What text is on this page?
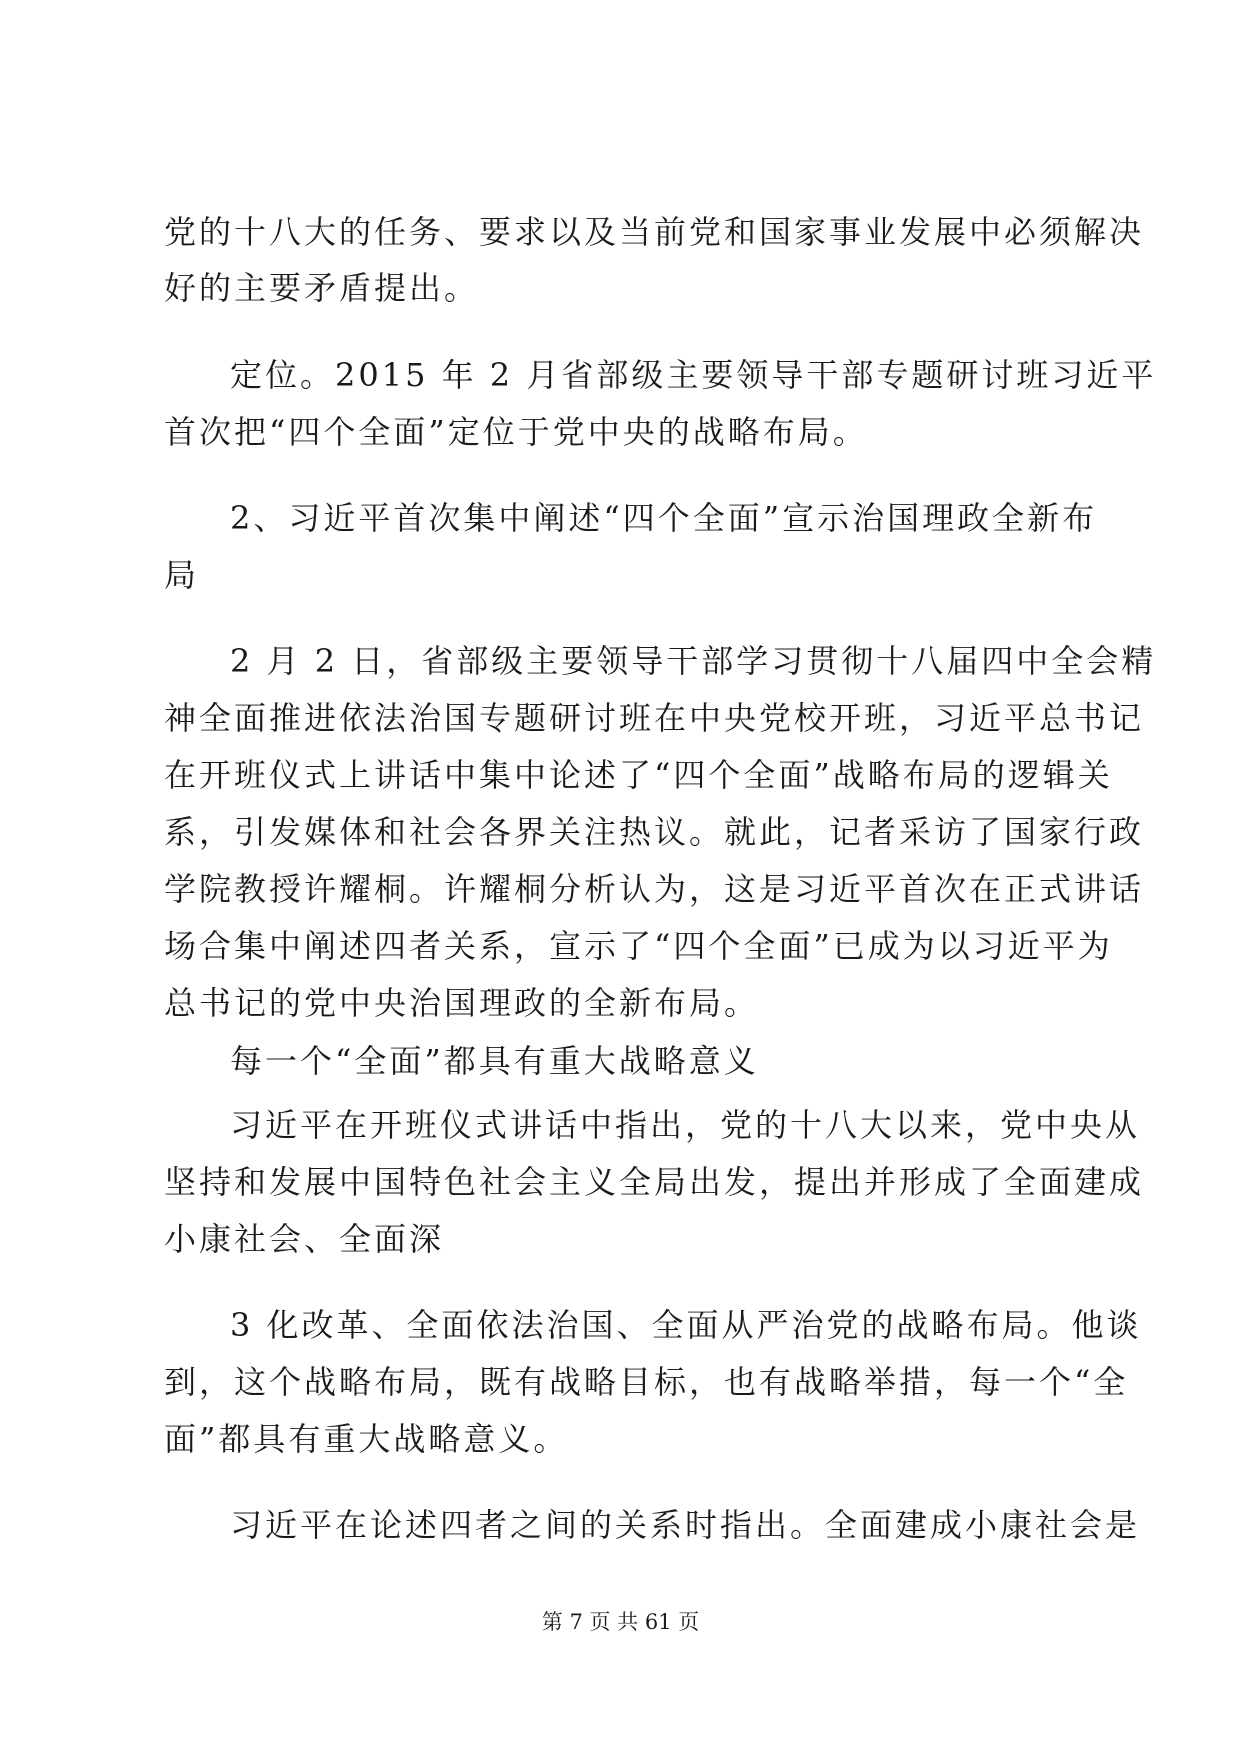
党的十八大的任务、要求以及当前党和国家事业发展中必须解决
好的主要矛盾提出。
定位。2015 年 2 月省部级主要领导干部专题研讨班习近平
首次把“四个全面”定位于党中央的战略布局。
2、习近平首次集中阐述“四个全面”宣示治国理政全新布
局
2 月 2 日，省部级主要领导干部学习贯彻十八届四中全会精
神全面推进依法治国专题研讨班在中央党校开班，习近平总书记
在开班仪式上讲话中集中论述了“四个全面”战略布局的逻辑关
系，引发媒体和社会各界关注热议。就此，记者采访了国家行政
学院教授许耀桐。许耀桐分析认为，这是习近平首次在正式讲话
场合集中阐述四者关系，宣示了“四个全面”已成为以习近平为
总书记的党中央治国理政的全新布局。
每一个“全面”都具有重大战略意义
习近平在开班仪式讲话中指出，党的十八大以来，党中央从
坚持和发展中国特色社会主义全局出发，提出并形成了全面建成
小康社会、全面深
3 化改革、全面依法治国、全面从严治党的战略布局。他谈
到，这个战略布局，既有战略目标，也有战略举措，每一个“全
面”都具有重大战略意义。
习近平在论述四者之间的关系时指出。全面建成小康社会是
第 7 页 共 61 页
